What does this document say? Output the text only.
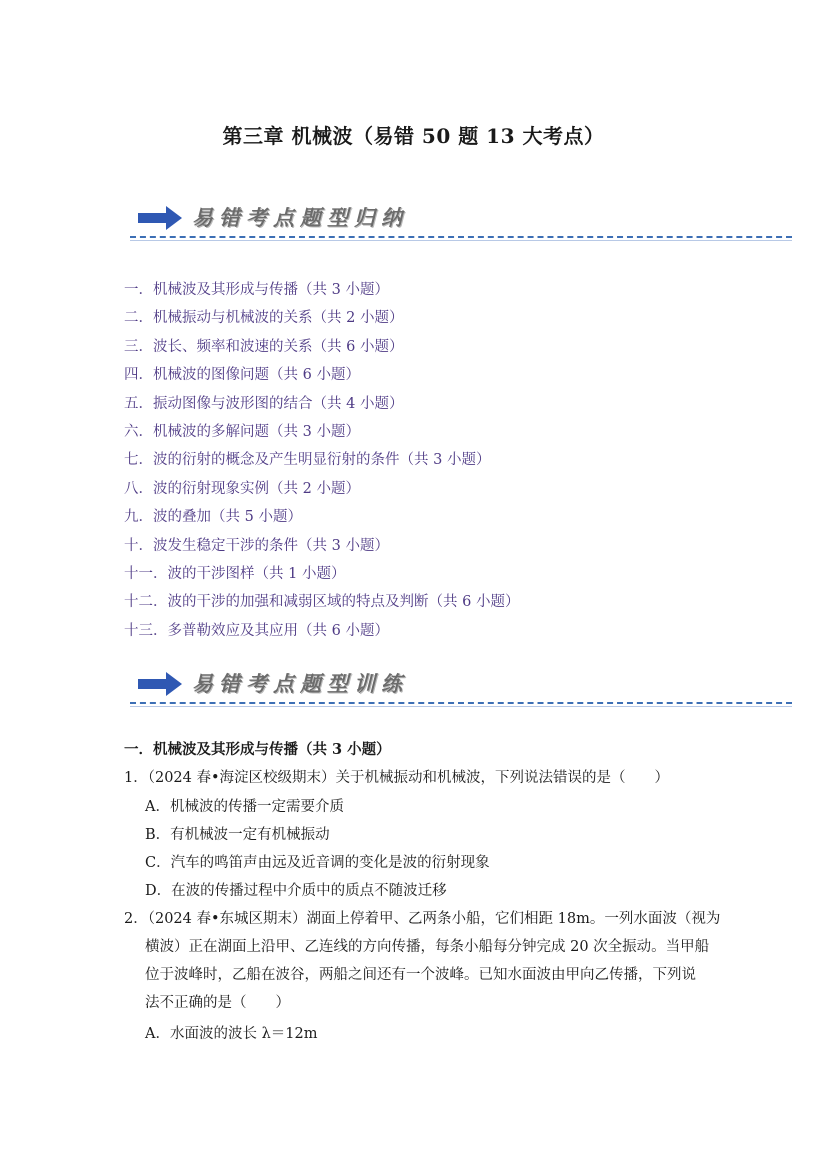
第三章 机械波（易错 50 题 13 大考点）
易错考点题型归纳
一．机械波及其形成与传播（共 3 小题）
二．机械振动与机械波的关系（共 2 小题）
三．波长、频率和波速的关系（共 6 小题）
四．机械波的图像问题（共 6 小题）
五．振动图像与波形图的结合（共 4 小题）
六．机械波的多解问题（共 3 小题）
七．波的衍射的概念及产生明显衍射的条件（共 3 小题）
八．波的衍射现象实例（共 2 小题）
九．波的叠加（共 5 小题）
十．波发生稳定干涉的条件（共 3 小题）
十一．波的干涉图样（共 1 小题）
十二．波的干涉的加强和减弱区域的特点及判断（共 6 小题）
十三．多普勒效应及其应用（共 6 小题）
易错考点题型训练
一．机械波及其形成与传播（共 3 小题）
1．（2024 春•海淀区校级期末）关于机械振动和机械波，下列说法错误的是（　　）
A．机械波的传播一定需要介质
B．有机械波一定有机械振动
C．汽车的鸣笛声由远及近音调的变化是波的衍射现象
D．在波的传播过程中介质中的质点不随波迁移
2．（2024 春•东城区期末）湖面上停着甲、乙两条小船，它们相距 18m。一列水面波（视为
横波）正在湖面上沿甲、乙连线的方向传播，每条小船每分钟完成 20 次全振动。当甲船
位于波峰时，乙船在波谷，两船之间还有一个波峰。已知水面波由甲向乙传播，下列说
法不正确的是（　　）
A．水面波的波长 λ＝12m
